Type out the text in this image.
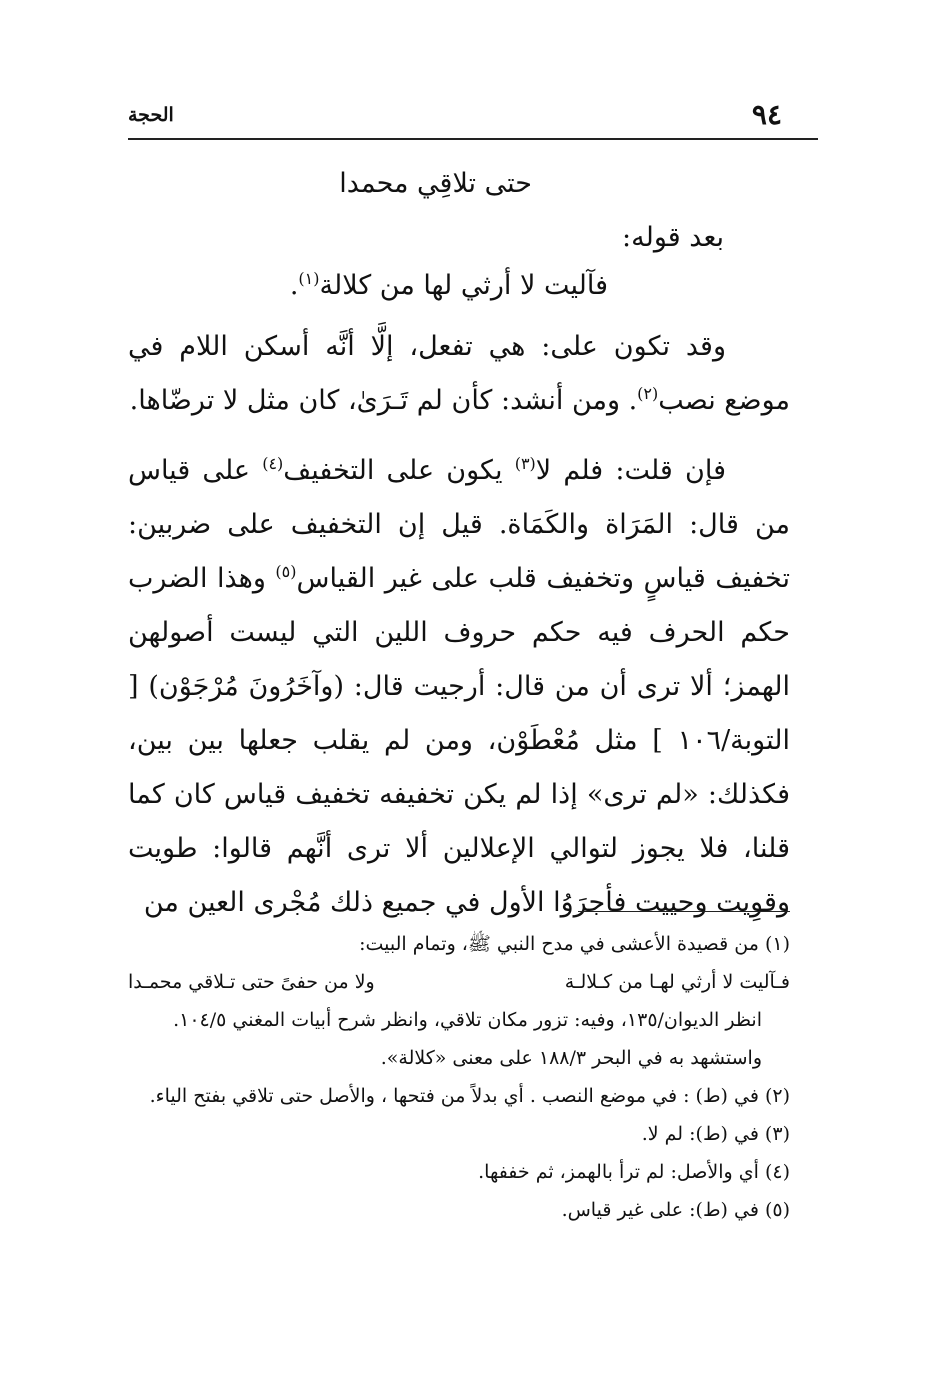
٩٤
الحجة
حتى تلاقِي محمدا
بعد قوله:
فآليت لا أرثي لها من كلالة$^{(١)}$.

وقد تكون على: هي تفعل، إلَّا أنَّه أسكن اللام في موضع نصب$^{(٢)}$. ومن أنشد: كأن لم تَـرَىٰ، كان مثل لا ترضّاها.

فإن قلت: فلم لا$^{(٣)}$ يكون على التخفيف$^{(٤)}$ على قياس من قال: المَرَاة والكَمَاة. قيل إن التخفيف على ضربين: تخفيف قياسٍ وتخفيف قلب على غير القياس$^{(٥)}$ وهذا الضرب حكم الحرف فيه حكم حروف اللين التي ليست أصولهن الهمز؛ ألا ترى أن من قال: أرجيت قال: (وآخَرُونَ مُرْجَوْن) [ التوبة/١٠٦ ] مثل مُعْطَوْن، ومن لم يقلب جعلها بين بين، فكذلك: «لم ترى» إذا لم يكن تخفيفه تخفيف قياس كان كما قلنا، فلا يجوز لتوالي الإعلالين ألا ترى أنَّهم قالوا: طويت وقوِيت وحييت فأجرَوُا الأول في جميع ذلك مُجْرى العين من

(١) من قصيدة الأعشى في مدح النبي ﷺ، وتمام البيت:

فـآليت لا أرثي لهـا من كـلالـة
ولا من حفىً حتى تـلاقي محمـدا

انظر الديوان/١٣٥، وفيه: تزور مكان تلاقي، وانظر شرح أبيات المغني ١٠٤/٥. واستشهد به في البحر ١٨٨/٣ على معنى «كلالة».

(٢) في (ط) : في موضع النصب . أي بدلاً من فتحها ، والأصل حتى تلاقي بفتح الياء.

(٣) في (ط): لم لا.

(٤) أي والأصل: لم ترأ بالهمز، ثم خففها.

(٥) في (ط): على غير قياس.
